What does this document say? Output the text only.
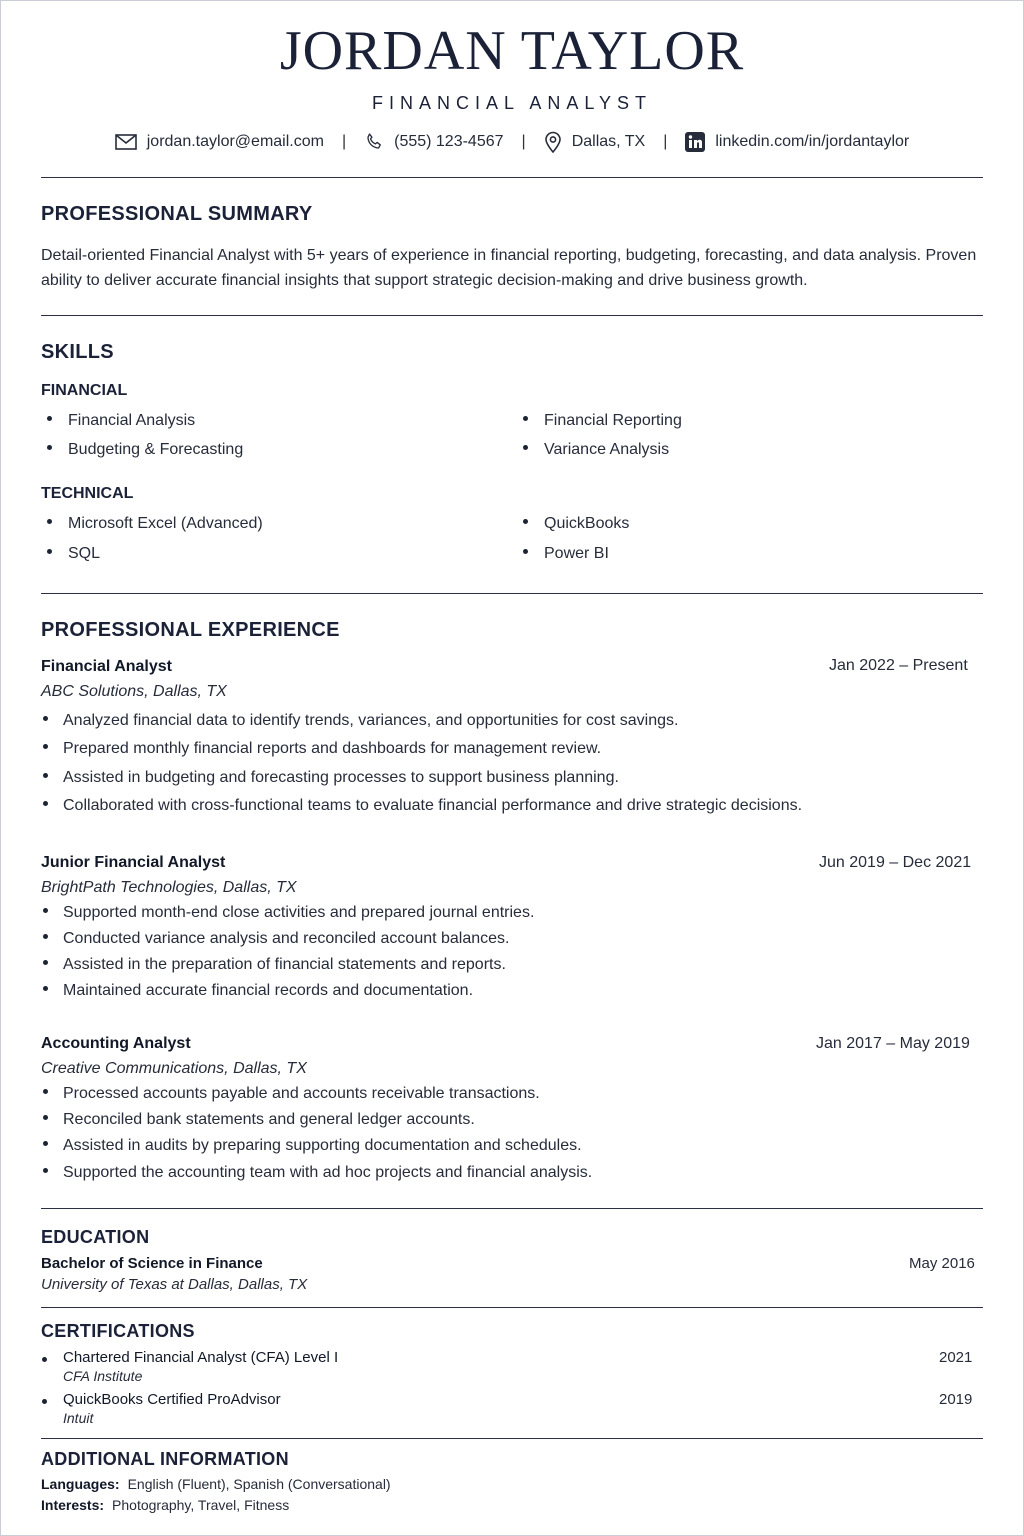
JORDAN TAYLOR
FINANCIAL ANALYST
jordan.taylor@email.com |	(555) 123-4567 |	Dallas, TX |	linkedin.com/in/jordantaylor
PROFESSIONAL SUMMARY
Detail-oriented Financial Analyst with 5+ years of experience in financial reporting, budgeting, forecasting, and data analysis. Proven ability to deliver accurate financial insights that support strategic decision-making and drive business growth.
SKILLS
FINANCIAL
Financial Analysis
Budgeting & Forecasting
Financial Reporting
Variance Analysis
TECHNICAL
Microsoft Excel (Advanced)
SQL
QuickBooks
Power BI
PROFESSIONAL EXPERIENCE
Financial Analyst	Jan 2022 – Present
ABC Solutions, Dallas, TX
Analyzed financial data to identify trends, variances, and opportunities for cost savings.
Prepared monthly financial reports and dashboards for management review.
Assisted in budgeting and forecasting processes to support business planning.
Collaborated with cross-functional teams to evaluate financial performance and drive strategic decisions.
Junior Financial Analyst	Jun 2019 – Dec 2021
BrightPath Technologies, Dallas, TX
Supported month-end close activities and prepared journal entries.
Conducted variance analysis and reconciled account balances.
Assisted in the preparation of financial statements and reports.
Maintained accurate financial records and documentation.
Accounting Analyst	Jan 2017 – May 2019
Creative Communications, Dallas, TX
Processed accounts payable and accounts receivable transactions.
Reconciled bank statements and general ledger accounts.
Assisted in audits by preparing supporting documentation and schedules.
Supported the accounting team with ad hoc projects and financial analysis.
EDUCATION
Bachelor of Science in Finance	May 2016
University of Texas at Dallas, Dallas, TX
CERTIFICATIONS
Chartered Financial Analyst (CFA) Level I	2021
CFA Institute
QuickBooks Certified ProAdvisor	2019
Intuit
ADDITIONAL INFORMATION
Languages: English (Fluent), Spanish (Conversational)
Interests: Photography, Travel, Fitness
